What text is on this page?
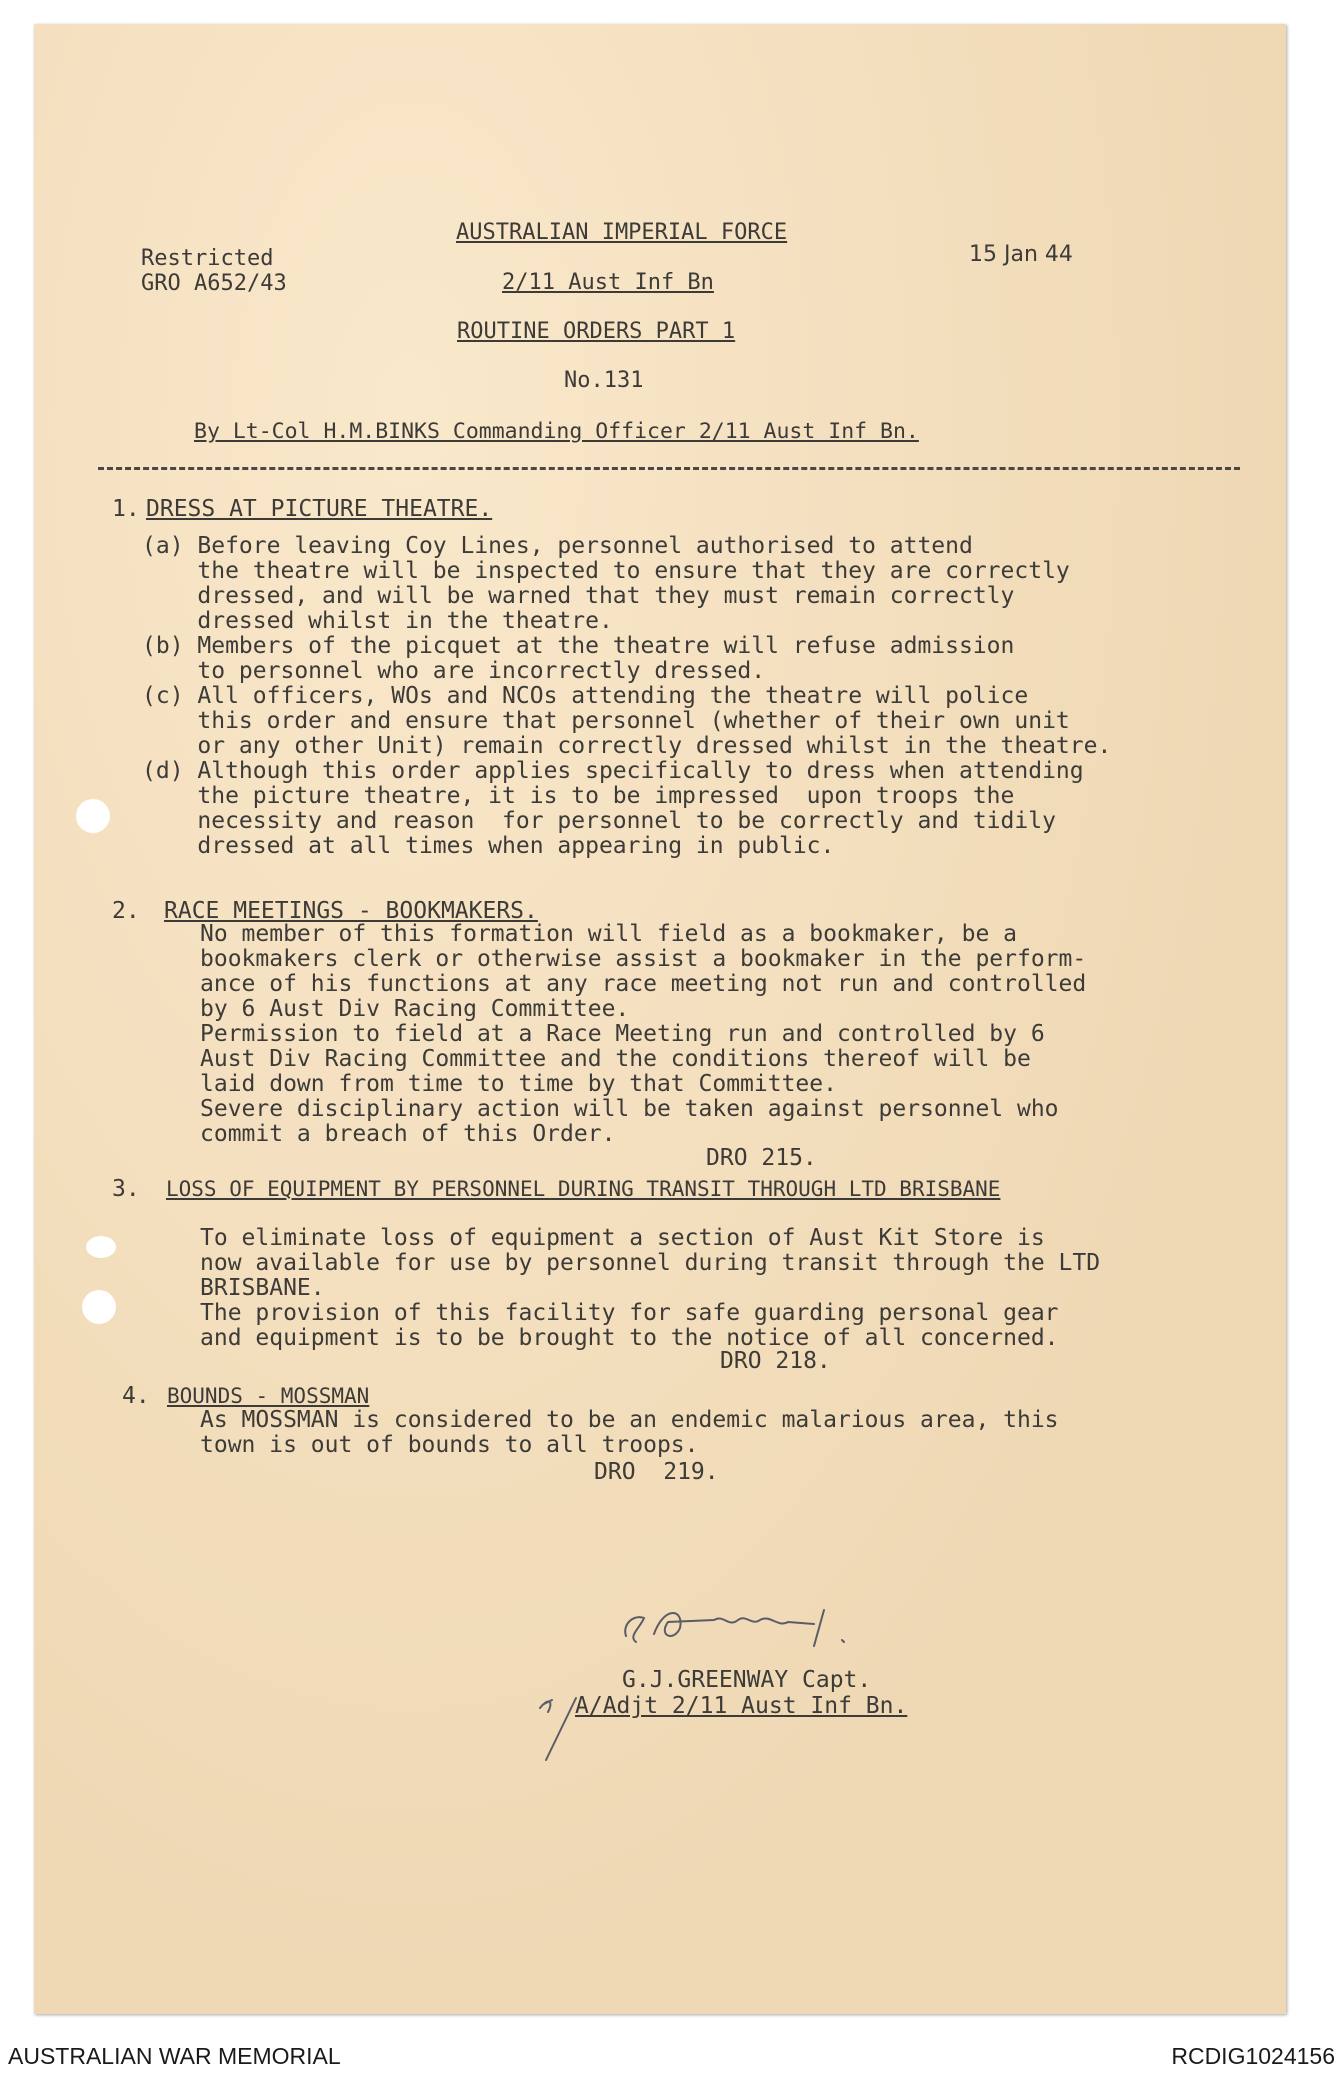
Restricted
GRO A652/43
AUSTRALIAN IMPERIAL FORCE
2/11 Aust Inf Bn
ROUTINE ORDERS PART 1
No.131
15 Jan 44
By Lt-Col H.M.BINKS Commanding Officer 2/11 Aust Inf Bn.
1. DRESS AT PICTURE THEATRE.
(a) Before leaving Coy Lines, personnel authorised to attend
the theatre will be inspected to ensure that they are correctly
dressed, and will be warned that they must remain correctly
dressed whilst in the theatre.
(b) Members of the picquet at the theatre will refuse admission
to personnel who are incorrectly dressed.
(c) All officers, WOs and NCOs attending the theatre will police
this order and ensure that personnel (whether of their own unit
or any other Unit) remain correctly dressed whilst in the theatre.
(d) Although this order applies specifically to dress when attending
the picture theatre, it is to be impressed  upon troops the
necessity and reason  for personnel to be correctly and tidily
dressed at all times when appearing in public.
2. RACE MEETINGS - BOOKMAKERS.
No member of this formation will field as a bookmaker, be a
bookmakers clerk or otherwise assist a bookmaker in the perform-
ance of his functions at any race meeting not run and controlled
by 6 Aust Div Racing Committee.
Permission to field at a Race Meeting run and controlled by 6
Aust Div Racing Committee and the conditions thereof will be
laid down from time to time by that Committee.
Severe disciplinary action will be taken against personnel who
commit a breach of this Order.
DRO 215.
3. LOSS OF EQUIPMENT BY PERSONNEL DURING TRANSIT THROUGH LTD BRISBANE
To eliminate loss of equipment a section of Aust Kit Store is
now available for use by personnel during transit through the LTD
BRISBANE.
The provision of this facility for safe guarding personal gear
and equipment is to be brought to the notice of all concerned.
DRO 218.
4. BOUNDS - MOSSMAN
As MOSSMAN is considered to be an endemic malarious area, this
town is out of bounds to all troops.
DRO  219.
G.J.GREENWAY Capt.
A/Adjt 2/11 Aust Inf Bn.
AUSTRALIAN WAR MEMORIAL	RCDIG1024156
